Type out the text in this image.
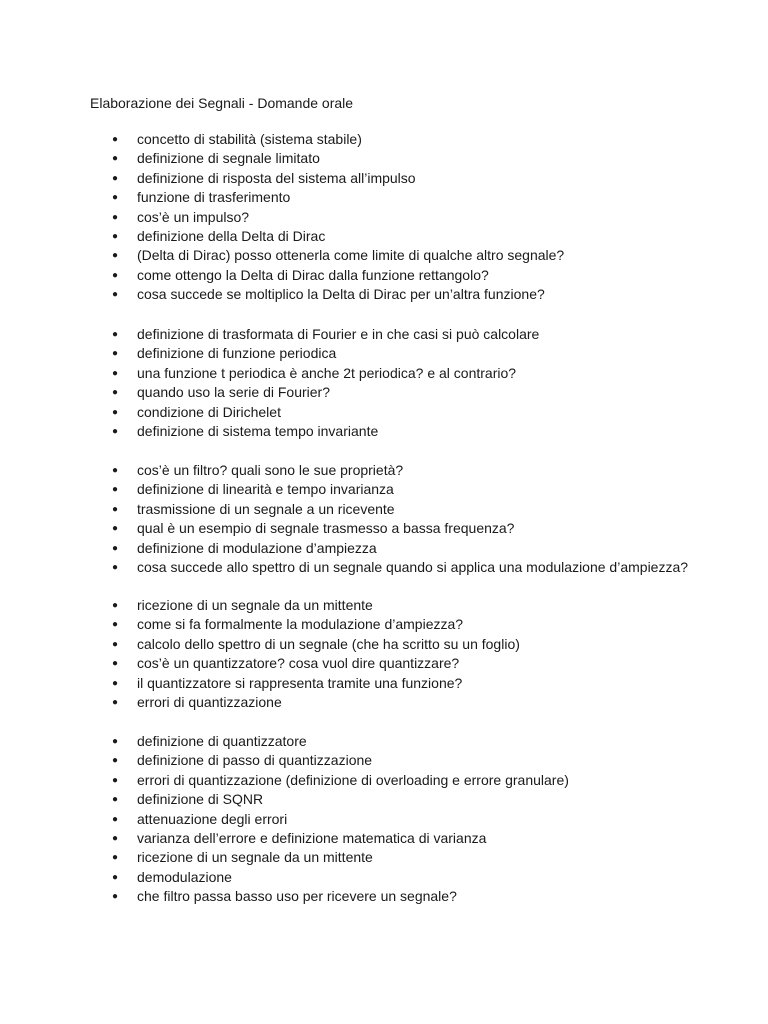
Elaborazione dei Segnali - Domande orale
● concetto di stabilità (sistema stabile)
● definizione di segnale limitato
● definizione di risposta del sistema all’impulso
● funzione di trasferimento
● cos’è un impulso?
● definizione della Delta di Dirac
● (Delta di Dirac) posso ottenerla come limite di qualche altro segnale?
● come ottengo la Delta di Dirac dalla funzione rettangolo?
● cosa succede se moltiplico la Delta di Dirac per un’altra funzione?
● definizione di trasformata di Fourier e in che casi si può calcolare
● definizione di funzione periodica
● una funzione t periodica è anche 2t periodica? e al contrario?
● quando uso la serie di Fourier?
● condizione di Dirichelet
● definizione di sistema tempo invariante
● cos’è un filtro? quali sono le sue proprietà?
● definizione di linearità e tempo invarianza
● trasmissione di un segnale a un ricevente
● qual è un esempio di segnale trasmesso a bassa frequenza?
● definizione di modulazione d’ampiezza
● cosa succede allo spettro di un segnale quando si applica una modulazione d’ampiezza?
● ricezione di un segnale da un mittente
● come si fa formalmente la modulazione d’ampiezza?
● calcolo dello spettro di un segnale (che ha scritto su un foglio)
● cos’è un quantizzatore? cosa vuol dire quantizzare?
● il quantizzatore si rappresenta tramite una funzione?
● errori di quantizzazione
● definizione di quantizzatore
● definizione di passo di quantizzazione
● errori di quantizzazione (definizione di overloading e errore granulare)
● definizione di SQNR
● attenuazione degli errori
● varianza dell’errore e definizione matematica di varianza
● ricezione di un segnale da un mittente
● demodulazione
● che filtro passa basso uso per ricevere un segnale?
